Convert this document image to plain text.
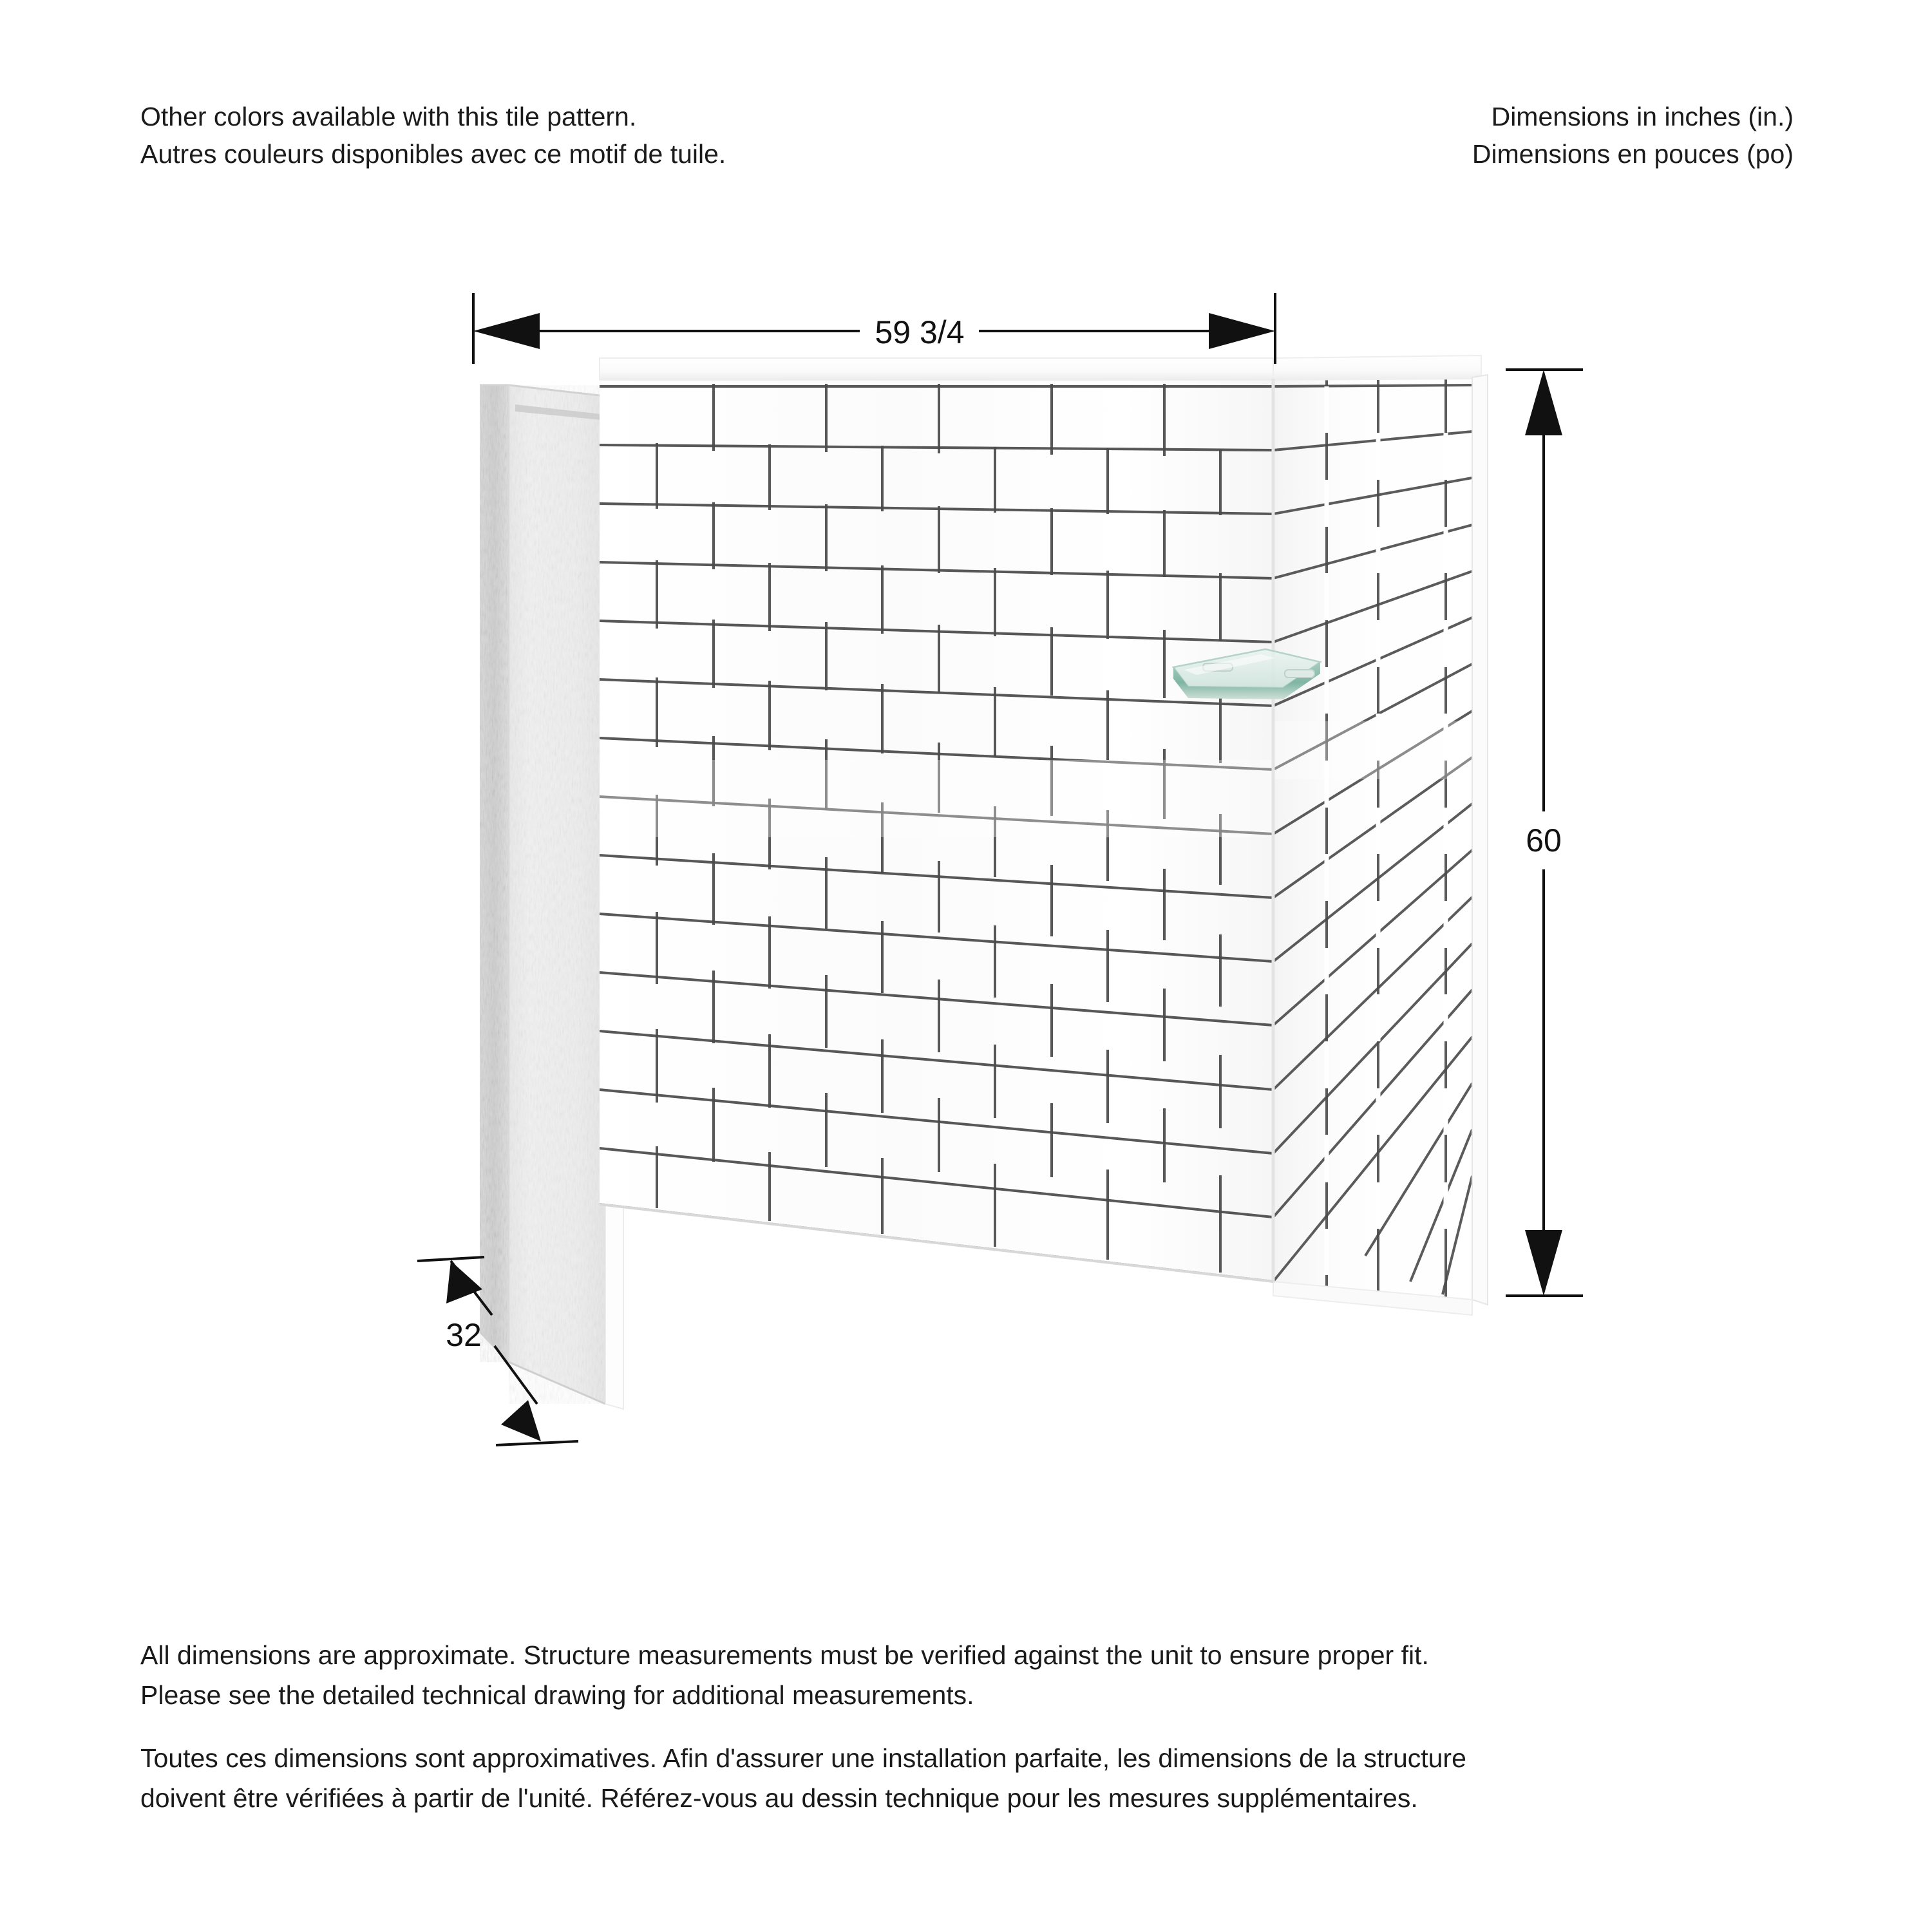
Other colors available with this tile pattern.
Autres couleurs disponibles avec ce motif de tuile.
Dimensions in inches (in.)
Dimensions en pouces (po)
59 3/4
60
32
All dimensions are approximate. Structure measurements must be verified against the unit to ensure proper fit.
Please see the detailed technical drawing for additional measurements.
Toutes ces dimensions sont approximatives. Afin d'assurer une installation parfaite, les dimensions de la structure
doivent être vérifiées à partir de l'unité. Référez-vous au dessin technique pour les mesures supplémentaires.
